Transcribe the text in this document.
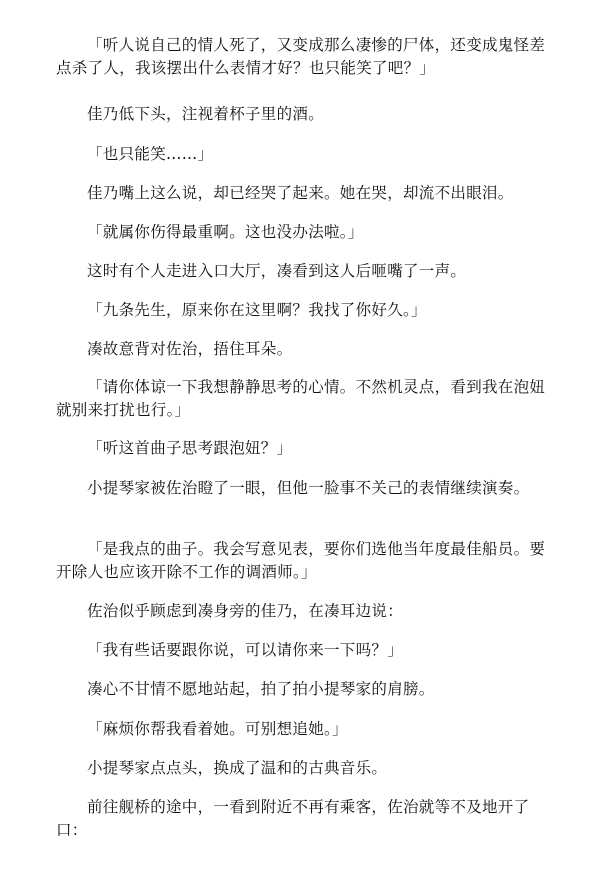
「听人说自己的情人死了，又变成那么凄惨的尸体，还变成鬼怪差点杀了人，我该摆出什么表情才好？也只能笑了吧？」

佳乃低下头，注视着杯子里的酒。

「也只能笑……」

佳乃嘴上这么说，却已经哭了起来。她在哭，却流不出眼泪。

「就属你伤得最重啊。这也没办法啦。」

这时有个人走进入口大厅，凑看到这人后咂嘴了一声。

「九条先生，原来你在这里啊？我找了你好久。」

凑故意背对佐治，捂住耳朵。

「请你体谅一下我想静静思考的心情。不然机灵点，看到我在泡妞就别来打扰也行。」

「听这首曲子思考跟泡妞？」

小提琴家被佐治瞪了一眼，但他一脸事不关己的表情继续演奏。

「是我点的曲子。我会写意见表，要你们选他当年度最佳船员。要开除人也应该开除不工作的调酒师。」

佐治似乎顾虑到凑身旁的佳乃，在凑耳边说：

「我有些话要跟你说，可以请你来一下吗？」

凑心不甘情不愿地站起，拍了拍小提琴家的肩膀。

「麻烦你帮我看着她。可别想追她。」

小提琴家点点头，换成了温和的古典音乐。

前往舰桥的途中，一看到附近不再有乘客，佐治就等不及地开了口：
